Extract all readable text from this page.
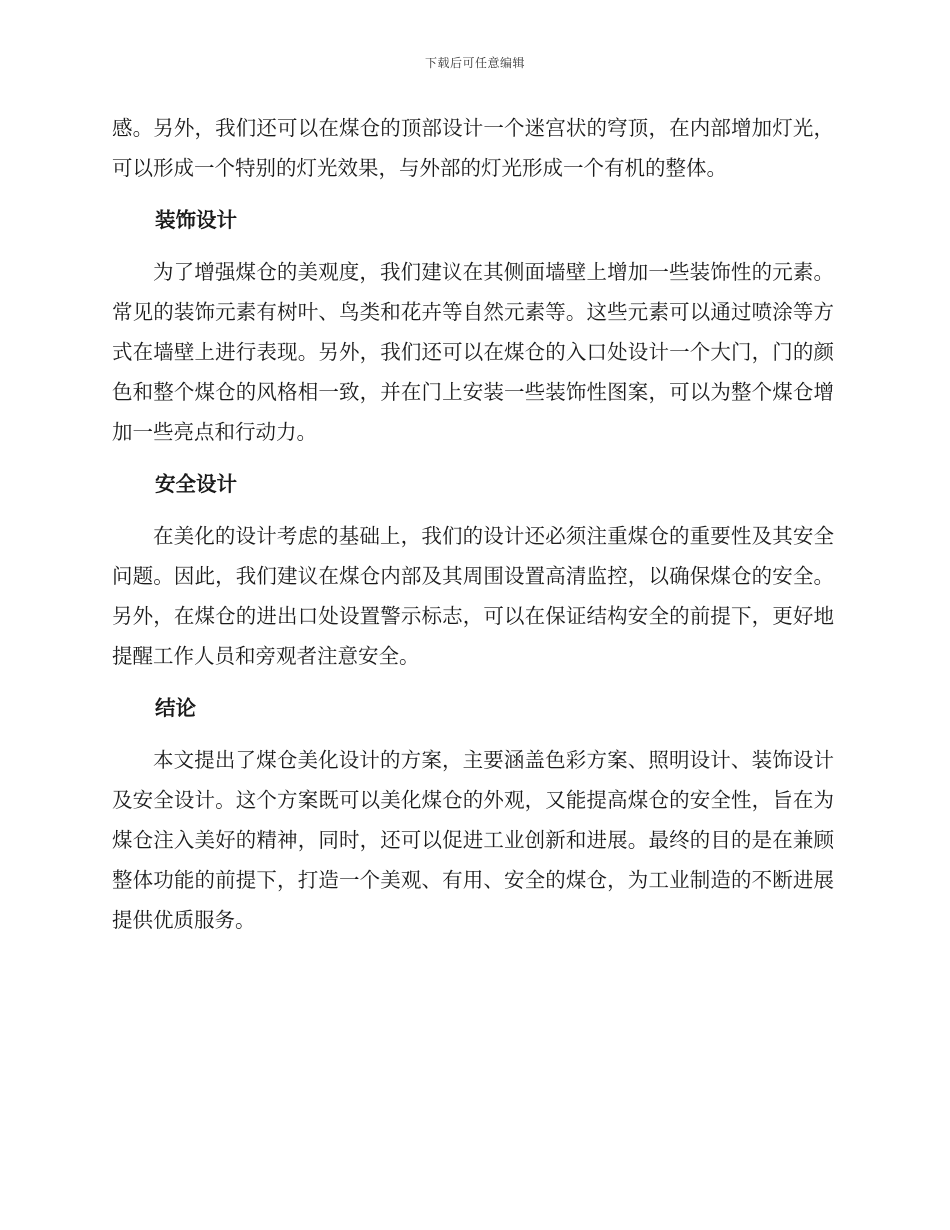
下载后可任意编辑

感。另外，我们还可以在煤仓的顶部设计一个迷宫状的穹顶，在内部增加灯光，可以形成一个特别的灯光效果，与外部的灯光形成一个有机的整体。

装饰设计

为了增强煤仓的美观度，我们建议在其侧面墙壁上增加一些装饰性的元素。常见的装饰元素有树叶、鸟类和花卉等自然元素等。这些元素可以通过喷涂等方式在墙壁上进行表现。另外，我们还可以在煤仓的入口处设计一个大门，门的颜色和整个煤仓的风格相一致，并在门上安装一些装饰性图案，可以为整个煤仓增加一些亮点和行动力。

安全设计

在美化的设计考虑的基础上，我们的设计还必须注重煤仓的重要性及其安全问题。因此，我们建议在煤仓内部及其周围设置高清监控，以确保煤仓的安全。另外，在煤仓的进出口处设置警示标志，可以在保证结构安全的前提下，更好地提醒工作人员和旁观者注意安全。

结论

本文提出了煤仓美化设计的方案，主要涵盖色彩方案、照明设计、装饰设计及安全设计。这个方案既可以美化煤仓的外观，又能提高煤仓的安全性，旨在为煤仓注入美好的精神，同时，还可以促进工业创新和进展。最终的目的是在兼顾整体功能的前提下，打造一个美观、有用、安全的煤仓，为工业制造的不断进展提供优质服务。
